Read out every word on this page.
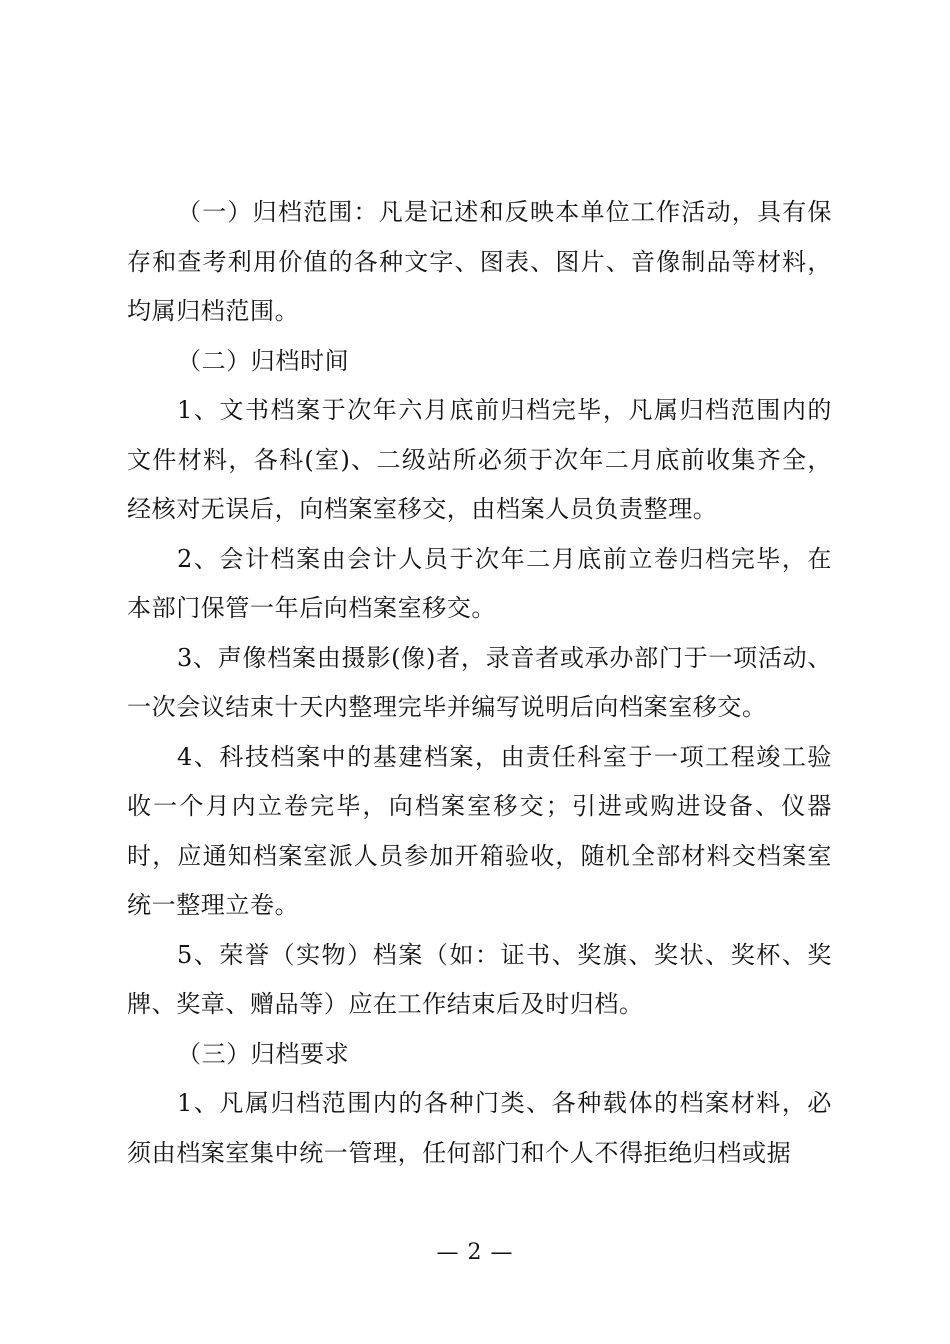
（一）归档范围：凡是记述和反映本单位工作活动，具有保存和查考利用价值的各种文字、图表、图片、音像制品等材料，均属归档范围。

（二）归档时间

1、文书档案于次年六月底前归档完毕，凡属归档范围内的文件材料，各科(室)、二级站所必须于次年二月底前收集齐全，经核对无误后，向档案室移交，由档案人员负责整理。

2、会计档案由会计人员于次年二月底前立卷归档完毕，在本部门保管一年后向档案室移交。

3、声像档案由摄影(像)者，录音者或承办部门于一项活动、一次会议结束十天内整理完毕并编写说明后向档案室移交。

4、科技档案中的基建档案，由责任科室于一项工程竣工验收一个月内立卷完毕，向档案室移交；引进或购进设备、仪器时，应通知档案室派人员参加开箱验收，随机全部材料交档案室统一整理立卷。

5、荣誉（实物）档案（如：证书、奖旗、奖状、奖杯、奖牌、奖章、赠品等）应在工作结束后及时归档。

（三）归档要求

1、凡属归档范围内的各种门类、各种载体的档案材料，必须由档案室集中统一管理，任何部门和个人不得拒绝归档或据

— 2 —
